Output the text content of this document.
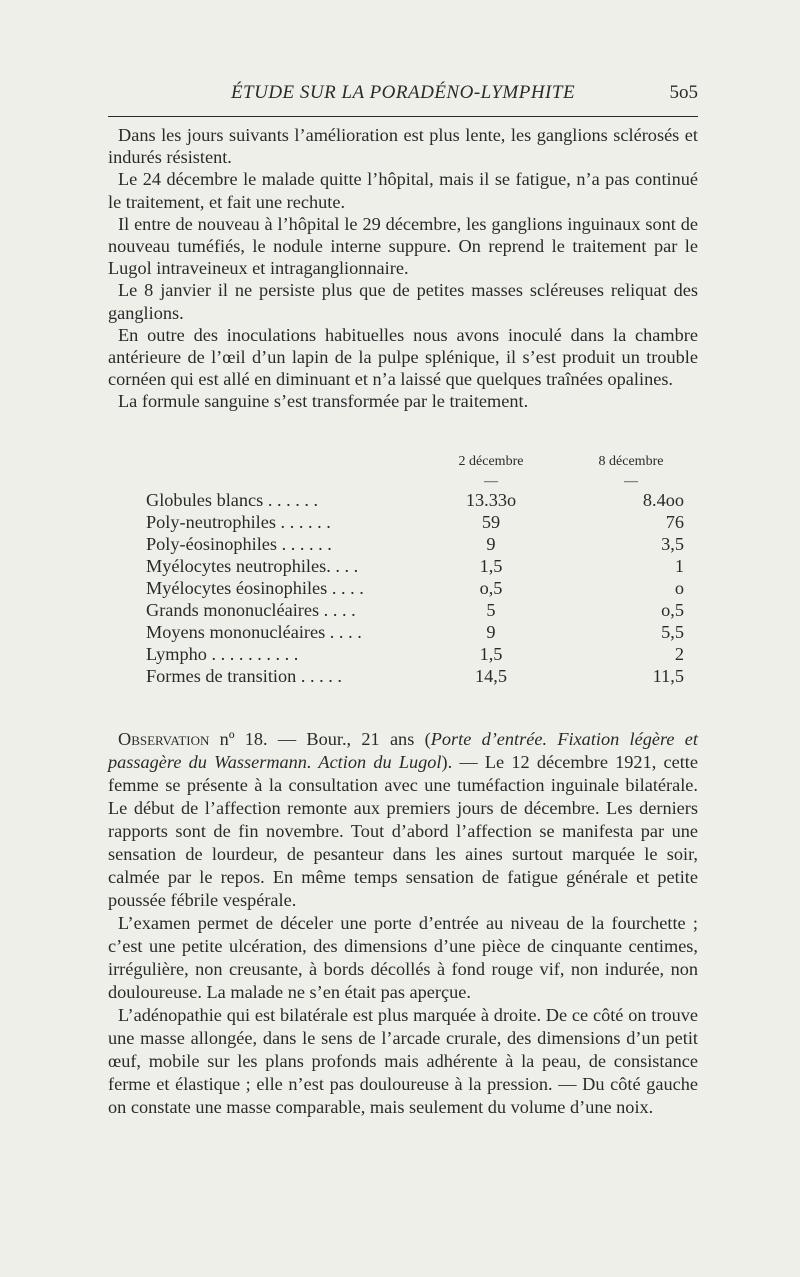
ÉTUDE SUR LA PORADÉNO-LYMPHITE	5o5

Dans les jours suivants l’amélioration est plus lente, les ganglions sclérosés et indurés résistent.

Le 24 décembre le malade quitte l’hôpital, mais il se fatigue, n’a pas continué le traitement, et fait une rechute.

Il entre de nouveau à l’hôpital le 29 décembre, les ganglions inguinaux sont de nouveau tuméfiés, le nodule interne suppure. On reprend le traitement par le Lugol intraveineux et intraganglionnaire.

Le 8 janvier il ne persiste plus que de petites masses scléreuses reliquat des ganglions.

En outre des inoculations habituelles nous avons inoculé dans la chambre antérieure de l’œil d’un lapin de la pulpe splénique, il s’est produit un trouble cornéen qui est allé en diminuant et n’a laissé que quelques traînées opalines.

La formule sanguine s’est transformée par le traitement.

2 décembre	8 décembre
—	—
Globules blancs . . . . . .	13.33o	8.4oo
Poly-neutrophiles . . . . . .	59	76
Poly-éosinophiles . . . . . .	9	3,5
Myélocytes neutrophiles. . . .	1,5	1
Myélocytes éosinophiles . . . .	o,5	o
Grands mononucléaires . . . .	5	o,5
Moyens mononucléaires . . . .	9	5,5
Lympho . . . . . . . . . .	1,5	2
Formes de transition . . . . .	14,5	11,5

Observation nº 18. — Bour., 21 ans (Porte d’entrée. Fixation légère et passagère du Wassermann. Action du Lugol). — Le 12 décembre 1921, cette femme se présente à la consultation avec une tuméfaction inguinale bilatérale. Le début de l’affection remonte aux premiers jours de décembre. Les derniers rapports sont de fin novembre. Tout d’abord l’affection se manifesta par une sensation de lourdeur, de pesanteur dans les aines surtout marquée le soir, calmée par le repos. En même temps sensation de fatigue générale et petite poussée fébrile vespérale.

L’examen permet de déceler une porte d’entrée au niveau de la fourchette ; c’est une petite ulcération, des dimensions d’une pièce de cinquante centimes, irrégulière, non creusante, à bords décollés à fond rouge vif, non indurée, non douloureuse. La malade ne s’en était pas aperçue.

L’adénopathie qui est bilatérale est plus marquée à droite. De ce côté on trouve une masse allongée, dans le sens de l’arcade crurale, des dimensions d’un petit œuf, mobile sur les plans profonds mais adhérente à la peau, de consistance ferme et élastique ; elle n’est pas douloureuse à la pression. — Du côté gauche on constate une masse comparable, mais seulement du volume d’une noix.
